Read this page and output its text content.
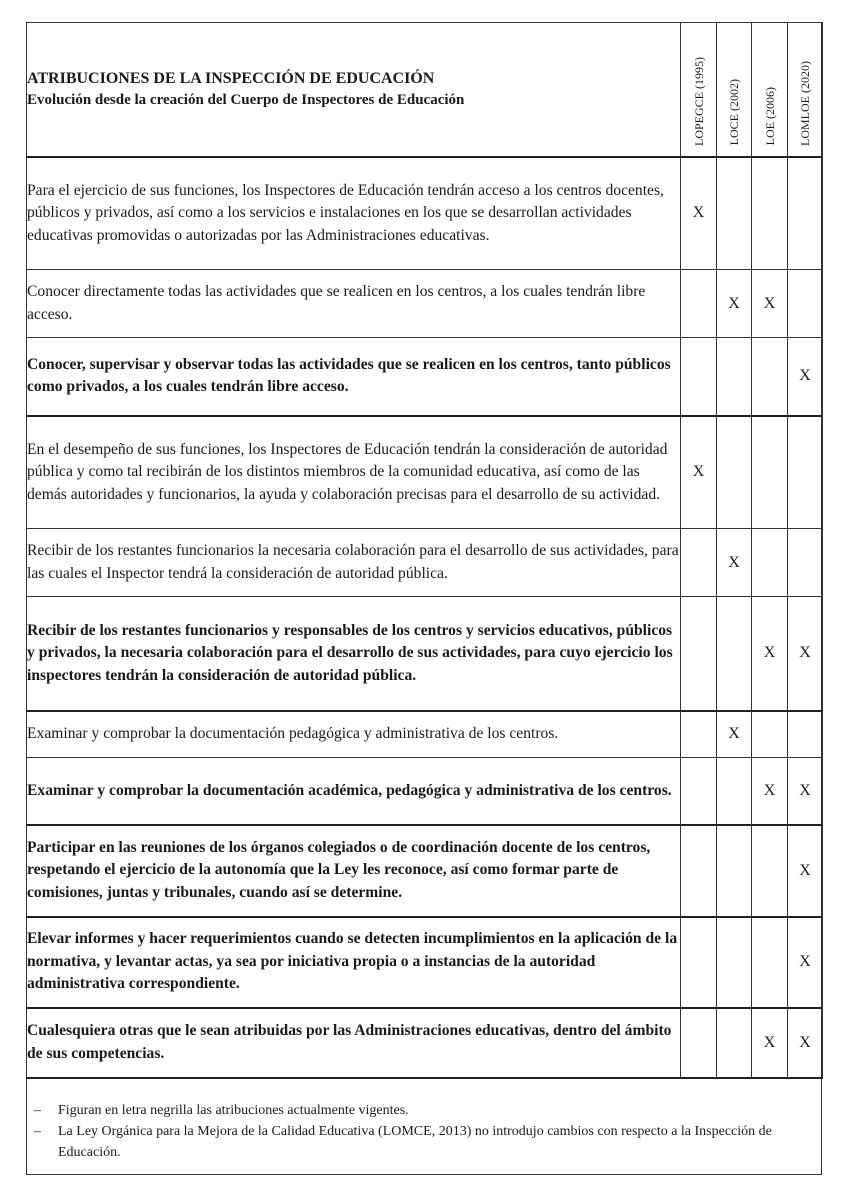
ATRIBUCIONES DE LA INSPECCIÓN DE EDUCACIÓN
Evolución desde la creación del Cuerpo de Inspectores de Educación	LOPEGCE (1995)	LOCE (2002)	LOE (2006)	LOMLOE (2020)

Para el ejercicio de sus funciones, los Inspectores de Educación tendrán acceso a los centros docentes, públicos y privados, así como a los servicios e instalaciones en los que se desarrollan actividades educativas promovidas o autorizadas por las Administraciones educativas.	X			
Conocer directamente todas las actividades que se realicen en los centros, a los cuales tendrán libre acceso.		X	X	
Conocer, supervisar y observar todas las actividades que se realicen en los centros, tanto públicos como privados, a los cuales tendrán libre acceso.				X
En el desempeño de sus funciones, los Inspectores de Educación tendrán la consideración de autoridad pública y como tal recibirán de los distintos miembros de la comunidad educativa, así como de las demás autoridades y funcionarios, la ayuda y colaboración precisas para el desarrollo de su actividad.	X			
Recibir de los restantes funcionarios la necesaria colaboración para el desarrollo de sus actividades, para las cuales el Inspector tendrá la consideración de autoridad pública.		X		
Recibir de los restantes funcionarios y responsables de los centros y servicios educativos, públicos y privados, la necesaria colaboración para el desarrollo de sus actividades, para cuyo ejercicio los inspectores tendrán la consideración de autoridad pública.			X	X
Examinar y comprobar la documentación pedagógica y administrativa de los centros.		X		
Examinar y comprobar la documentación académica, pedagógica y administrativa de los centros.			X	X
Participar en las reuniones de los órganos colegiados o de coordinación docente de los centros, respetando el ejercicio de la autonomía que la Ley les reconoce, así como formar parte de comisiones, juntas y tribunales, cuando así se determine.				X
Elevar informes y hacer requerimientos cuando se detecten incumplimientos en la aplicación de la normativa, y levantar actas, ya sea por iniciativa propia o a instancias de la autoridad administrativa correspondiente.				X
Cualesquiera otras que le sean atribuidas por las Administraciones educativas, dentro del ámbito de sus competencias.			X	X
– Figuran en letra negrilla las atribuciones actualmente vigentes.
– La Ley Orgánica para la Mejora de la Calidad Educativa (LOMCE, 2013) no introdujo cambios con respecto a la Inspección de Educación.
